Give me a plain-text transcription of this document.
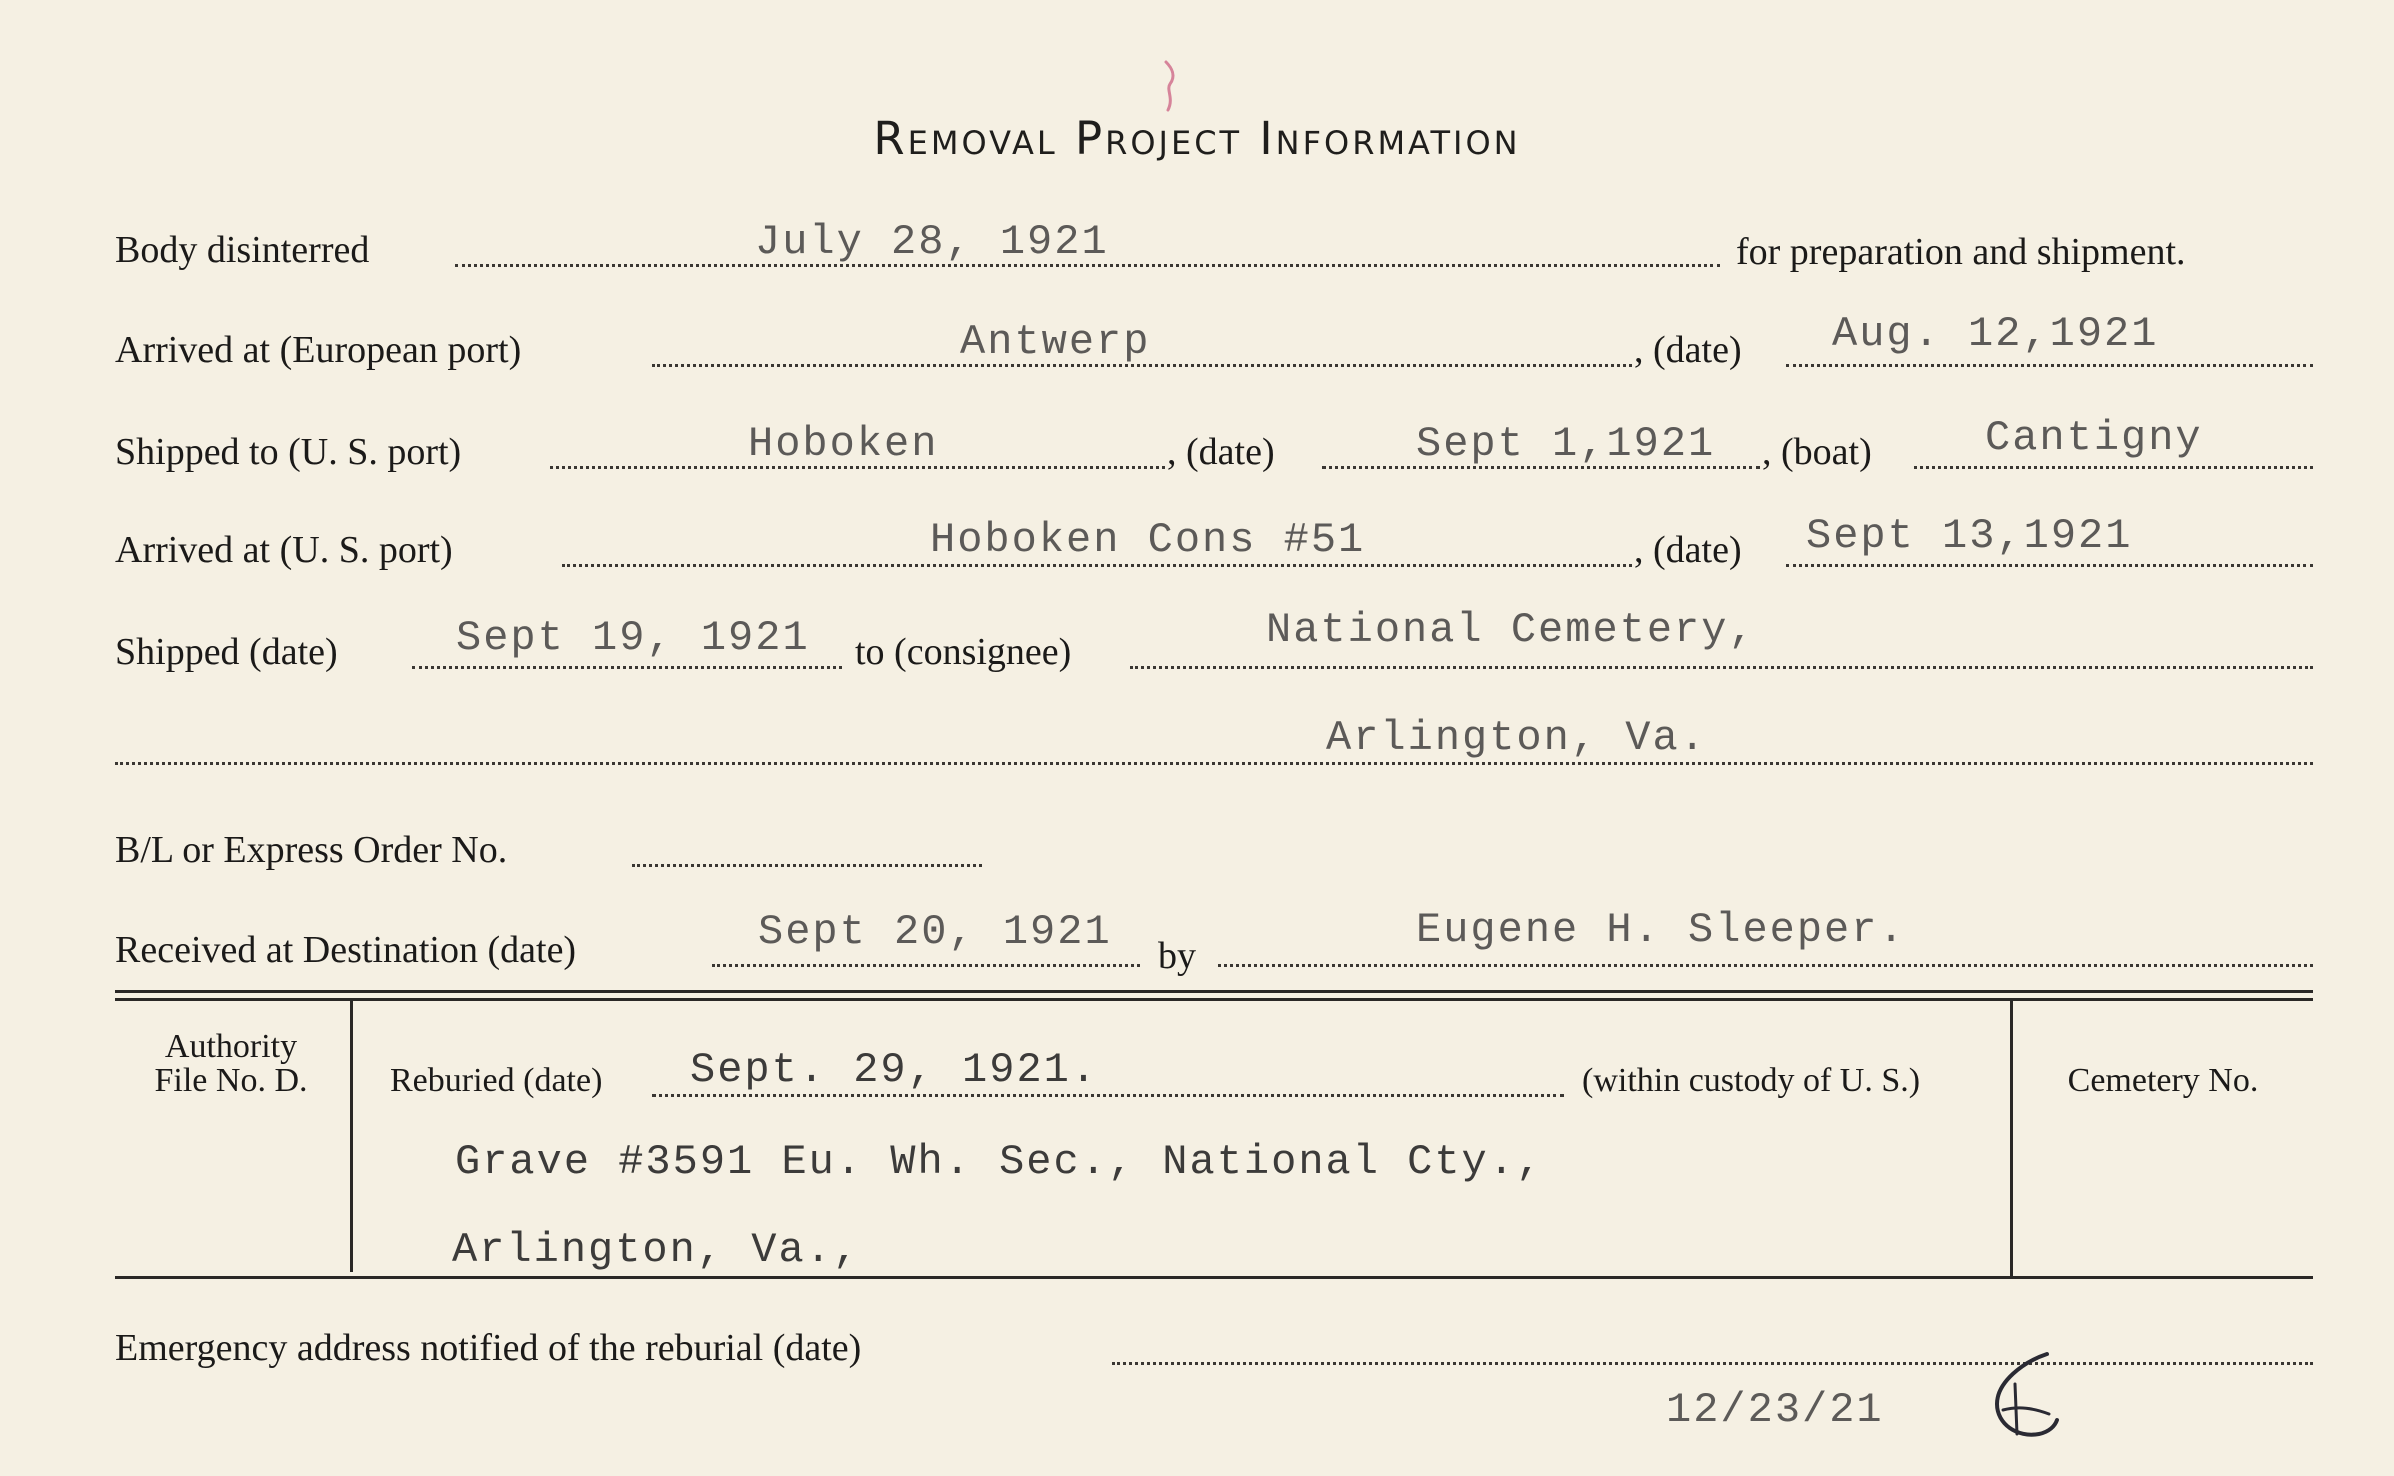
Removal Project Information
Body disinterred	July 28, 1921	for preparation and shipment.
Arrived at (European port)	Antwerp	, (date) Aug. 12,1921
Shipped to (U. S. port)	Hoboken	, (date)	Sept 1,1921 , (boat)	Cantigny
Arrived at (U. S. port)	Hoboken Cons #51	, (date) Sept 13,1921
Shipped (date)	Sept 19, 1921 to (consignee)	National Cemetery,
Arlington, Va.
B/L or Express Order No.
Received at Destination (date)	Sept 20, 1921 by
Eugene H. Sleeper.
Authority
File No. D.	Reburied (date) Sept. 29, 1921.	(within custody of U. S.)	Cemetery No.
Grave #3591 Eu. Wh. Sec., National Cty.,
Arlington, Va.,
Emergency address notified of the reburial (date)
12/23/21
